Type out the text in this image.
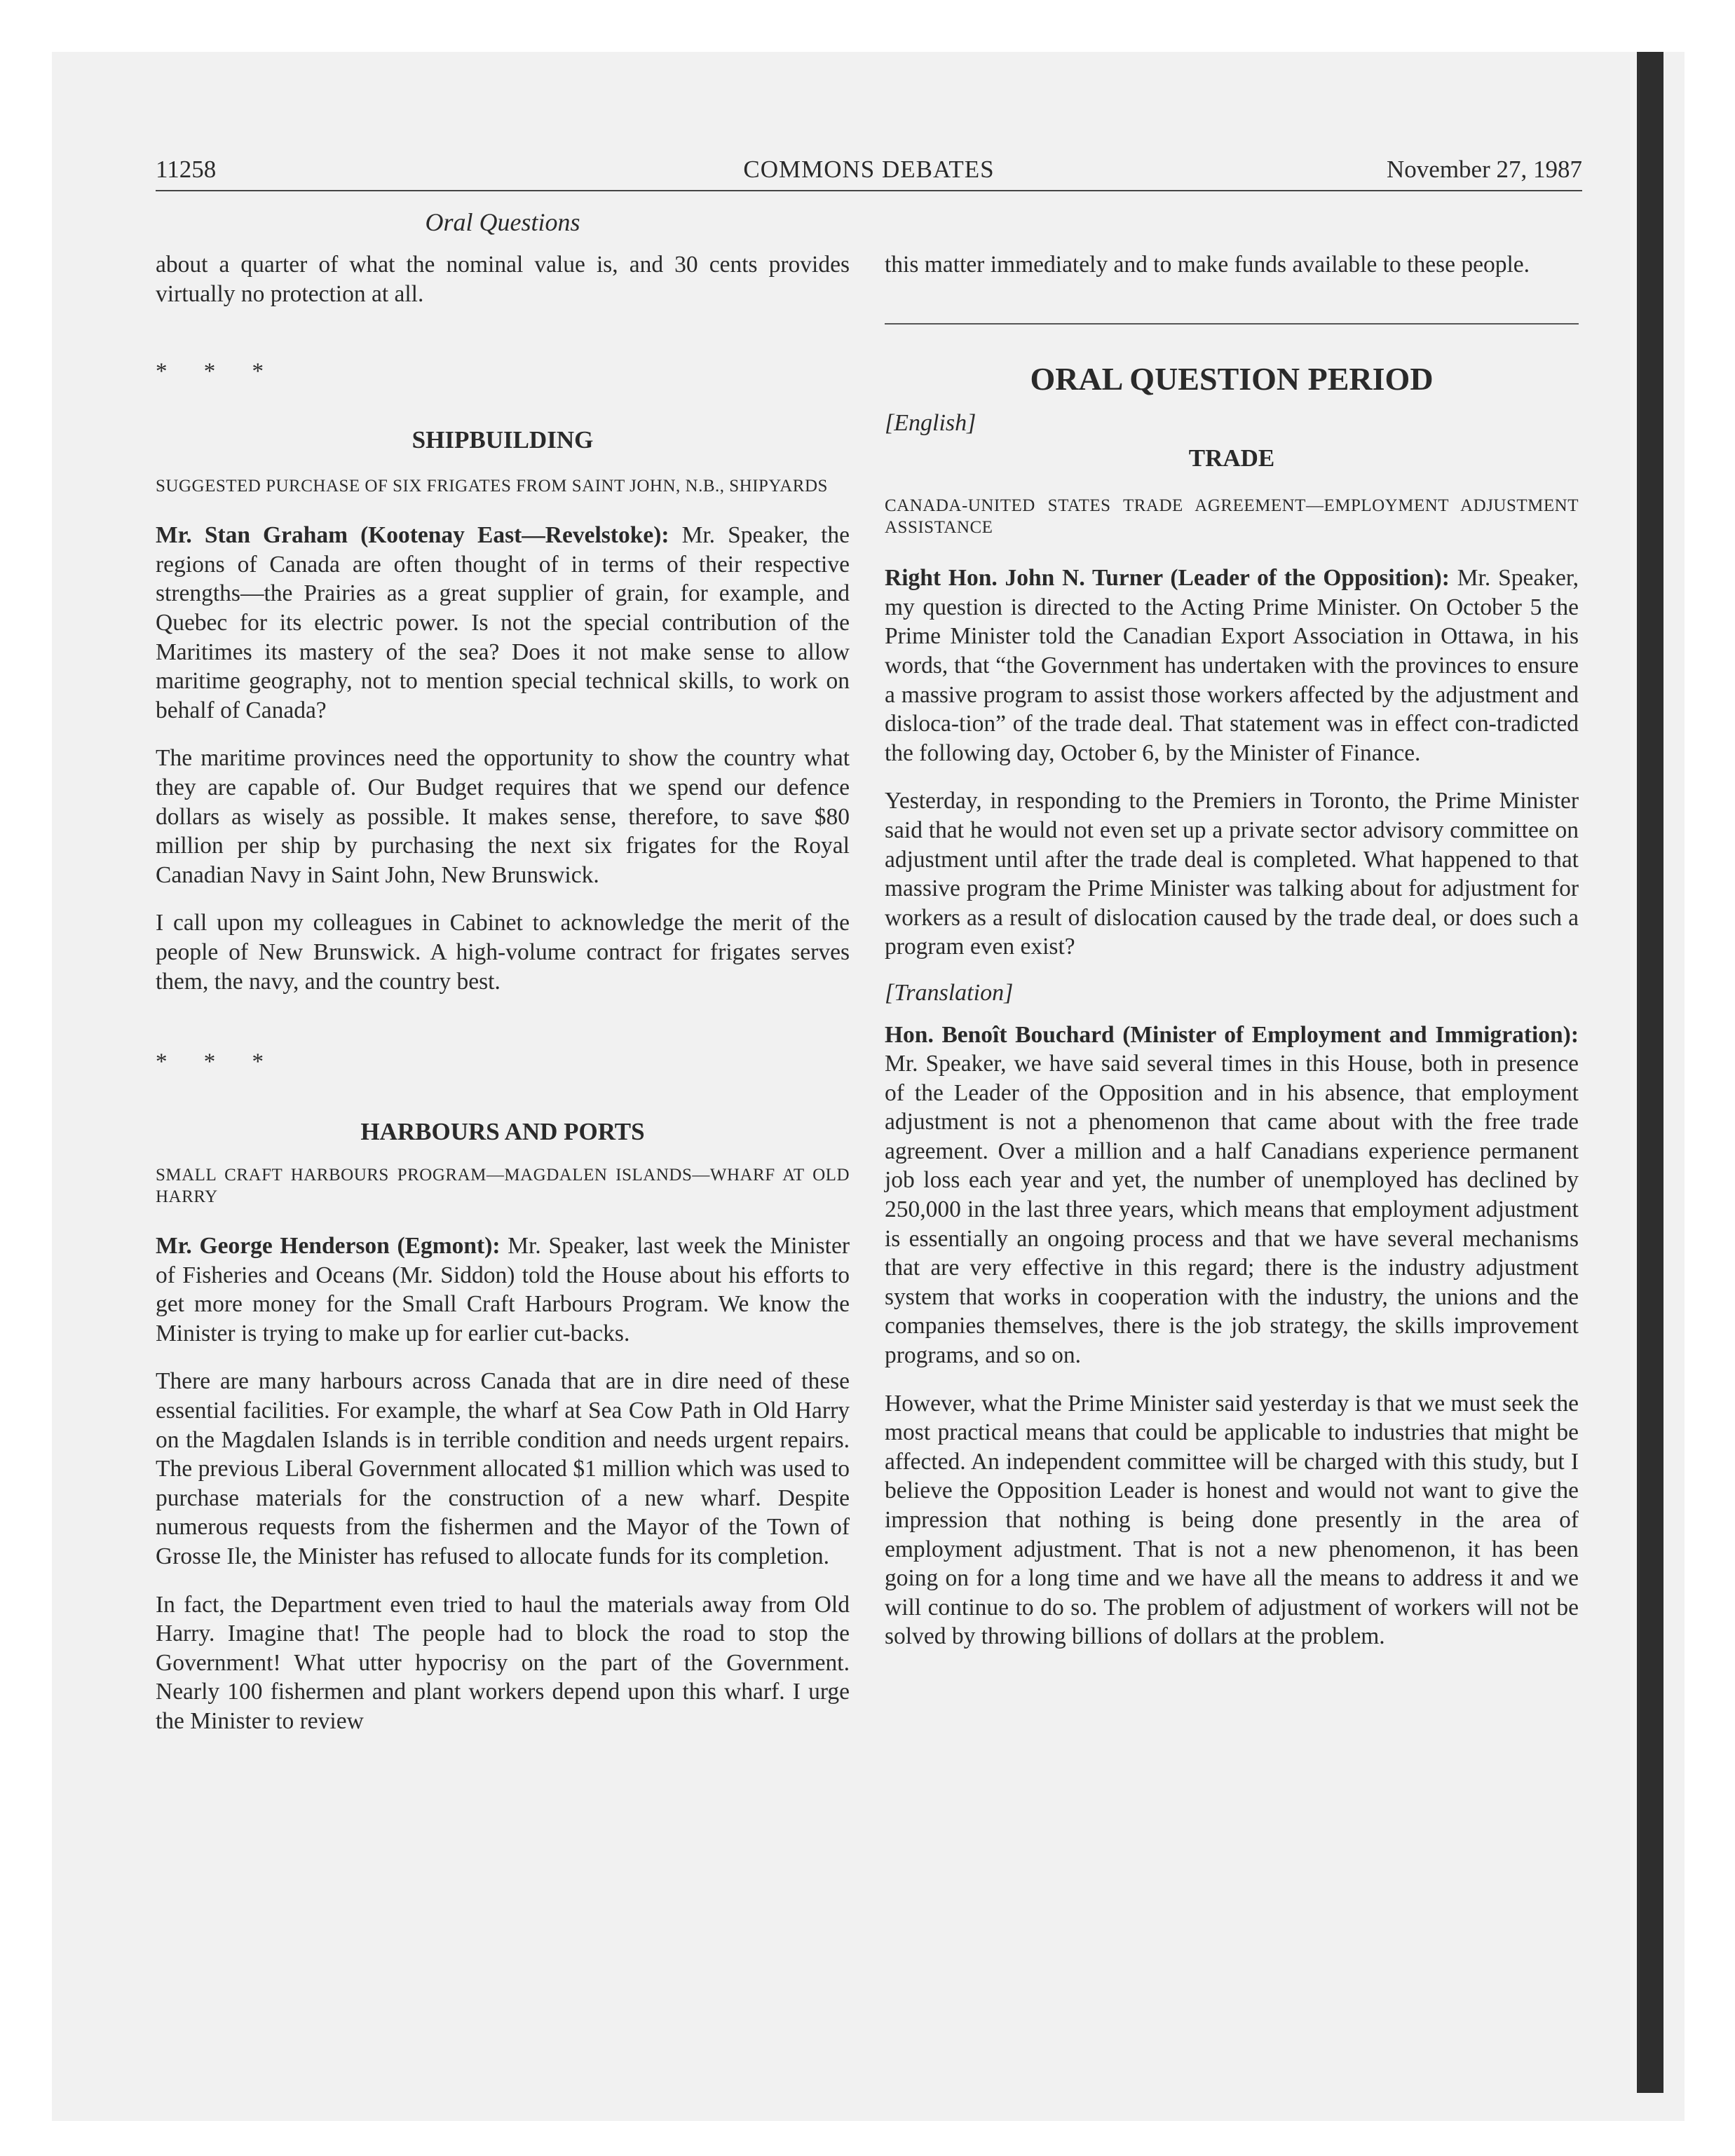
11258	COMMONS DEBATES	November 27, 1987
Oral Questions

about a quarter of what the nominal value is, and 30 cents provides virtually no protection at all.

* * *

SHIPBUILDING

SUGGESTED PURCHASE OF SIX FRIGATES FROM SAINT JOHN, N.B., SHIPYARDS

Mr. Stan Graham (Kootenay East—Revelstoke): Mr. Speaker, the regions of Canada are often thought of in terms of their respective strengths—the Prairies as a great supplier of grain, for example, and Quebec for its electric power. Is not the special contribution of the Maritimes its mastery of the sea? Does it not make sense to allow maritime geography, not to mention special technical skills, to work on behalf of Canada?

The maritime provinces need the opportunity to show the country what they are capable of. Our Budget requires that we spend our defence dollars as wisely as possible. It makes sense, therefore, to save $80 million per ship by purchasing the next six frigates for the Royal Canadian Navy in Saint John, New Brunswick.

I call upon my colleagues in Cabinet to acknowledge the merit of the people of New Brunswick. A high-volume contract for frigates serves them, the navy, and the country best.

* * *

HARBOURS AND PORTS

SMALL CRAFT HARBOURS PROGRAM—MAGDALEN ISLANDS—WHARF AT OLD HARRY

Mr. George Henderson (Egmont): Mr. Speaker, last week the Minister of Fisheries and Oceans (Mr. Siddon) told the House about his efforts to get more money for the Small Craft Harbours Program. We know the Minister is trying to make up for earlier cut-backs.

There are many harbours across Canada that are in dire need of these essential facilities. For example, the wharf at Sea Cow Path in Old Harry on the Magdalen Islands is in terrible condition and needs urgent repairs. The previous Liberal Government allocated $1 million which was used to purchase materials for the construction of a new wharf. Despite numerous requests from the fishermen and the Mayor of the Town of Grosse Ile, the Minister has refused to allocate funds for its completion.

In fact, the Department even tried to haul the materials away from Old Harry. Imagine that! The people had to block the road to stop the Government! What utter hypocrisy on the part of the Government. Nearly 100 fishermen and plant workers depend upon this wharf. I urge the Minister to review

this matter immediately and to make funds available to these people.

ORAL QUESTION PERIOD

[English]

TRADE

CANADA-UNITED STATES TRADE AGREEMENT—EMPLOYMENT ADJUSTMENT ASSISTANCE

Right Hon. John N. Turner (Leader of the Opposition): Mr. Speaker, my question is directed to the Acting Prime Minister. On October 5 the Prime Minister told the Canadian Export Association in Ottawa, in his words, that “the Government has undertaken with the provinces to ensure a massive program to assist those workers affected by the adjustment and disloca-tion” of the trade deal. That statement was in effect con-tradicted the following day, October 6, by the Minister of Finance.

Yesterday, in responding to the Premiers in Toronto, the Prime Minister said that he would not even set up a private sector advisory committee on adjustment until after the trade deal is completed. What happened to that massive program the Prime Minister was talking about for adjustment for workers as a result of dislocation caused by the trade deal, or does such a program even exist?

[Translation]

Hon. Benoît Bouchard (Minister of Employment and Immigration): Mr. Speaker, we have said several times in this House, both in presence of the Leader of the Opposition and in his absence, that employment adjustment is not a phenomenon that came about with the free trade agreement. Over a million and a half Canadians experience permanent job loss each year and yet, the number of unemployed has declined by 250,000 in the last three years, which means that employment adjustment is essentially an ongoing process and that we have several mechanisms that are very effective in this regard; there is the industry adjustment system that works in cooperation with the industry, the unions and the companies themselves, there is the job strategy, the skills improvement programs, and so on.

However, what the Prime Minister said yesterday is that we must seek the most practical means that could be applicable to industries that might be affected. An independent committee will be charged with this study, but I believe the Opposition Leader is honest and would not want to give the impression that nothing is being done presently in the area of employment adjustment. That is not a new phenomenon, it has been going on for a long time and we have all the means to address it and we will continue to do so. The problem of adjustment of workers will not be solved by throwing billions of dollars at the problem.
